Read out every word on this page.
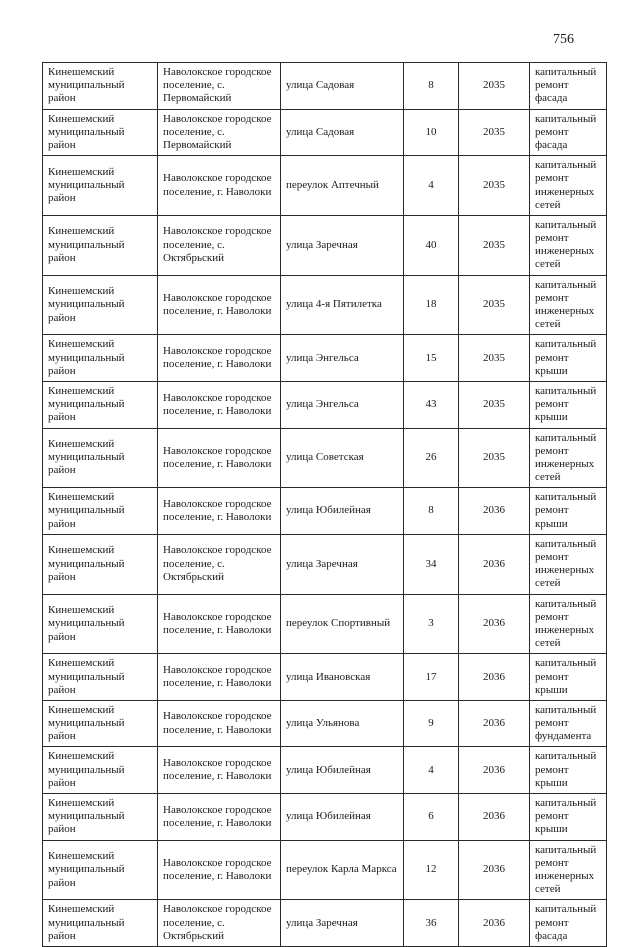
756
Кинешемский муниципальный район	Наволокское городское поселение, с. Первомайский	улица Садовая	8	2035	капитальный ремонт фасада
Кинешемский муниципальный район	Наволокское городское поселение, с. Первомайский	улица Садовая	10	2035	капитальный ремонт фасада
Кинешемский муниципальный район	Наволокское городское поселение, г. Наволоки	переулок Аптечный	4	2035	капитальный ремонт инженерных сетей
Кинешемский муниципальный район	Наволокское городское поселение, с. Октябрьский	улица Заречная	40	2035	капитальный ремонт инженерных сетей
Кинешемский муниципальный район	Наволокское городское поселение, г. Наволоки	улица 4-я Пятилетка	18	2035	капитальный ремонт инженерных сетей
Кинешемский муниципальный район	Наволокское городское поселение, г. Наволоки	улица Энгельса	15	2035	капитальный ремонт крыши
Кинешемский муниципальный район	Наволокское городское поселение, г. Наволоки	улица Энгельса	43	2035	капитальный ремонт крыши
Кинешемский муниципальный район	Наволокское городское поселение, г. Наволоки	улица Советская	26	2035	капитальный ремонт инженерных сетей
Кинешемский муниципальный район	Наволокское городское поселение, г. Наволоки	улица Юбилейная	8	2036	капитальный ремонт крыши
Кинешемский муниципальный район	Наволокское городское поселение, с. Октябрьский	улица Заречная	34	2036	капитальный ремонт инженерных сетей
Кинешемский муниципальный район	Наволокское городское поселение, г. Наволоки	переулок Спортивный	3	2036	капитальный ремонт инженерных сетей
Кинешемский муниципальный район	Наволокское городское поселение, г. Наволоки	улица Ивановская	17	2036	капитальный ремонт крыши
Кинешемский муниципальный район	Наволокское городское поселение, г. Наволоки	улица Ульянова	9	2036	капитальный ремонт фундамента
Кинешемский муниципальный район	Наволокское городское поселение, г. Наволоки	улица Юбилейная	4	2036	капитальный ремонт крыши
Кинешемский муниципальный район	Наволокское городское поселение, г. Наволоки	улица Юбилейная	6	2036	капитальный ремонт крыши
Кинешемский муниципальный район	Наволокское городское поселение, г. Наволоки	переулок Карла Маркса	12	2036	капитальный ремонт инженерных сетей
Кинешемский муниципальный район	Наволокское городское поселение, с. Октябрьский	улица Заречная	36	2036	капитальный ремонт фасада
